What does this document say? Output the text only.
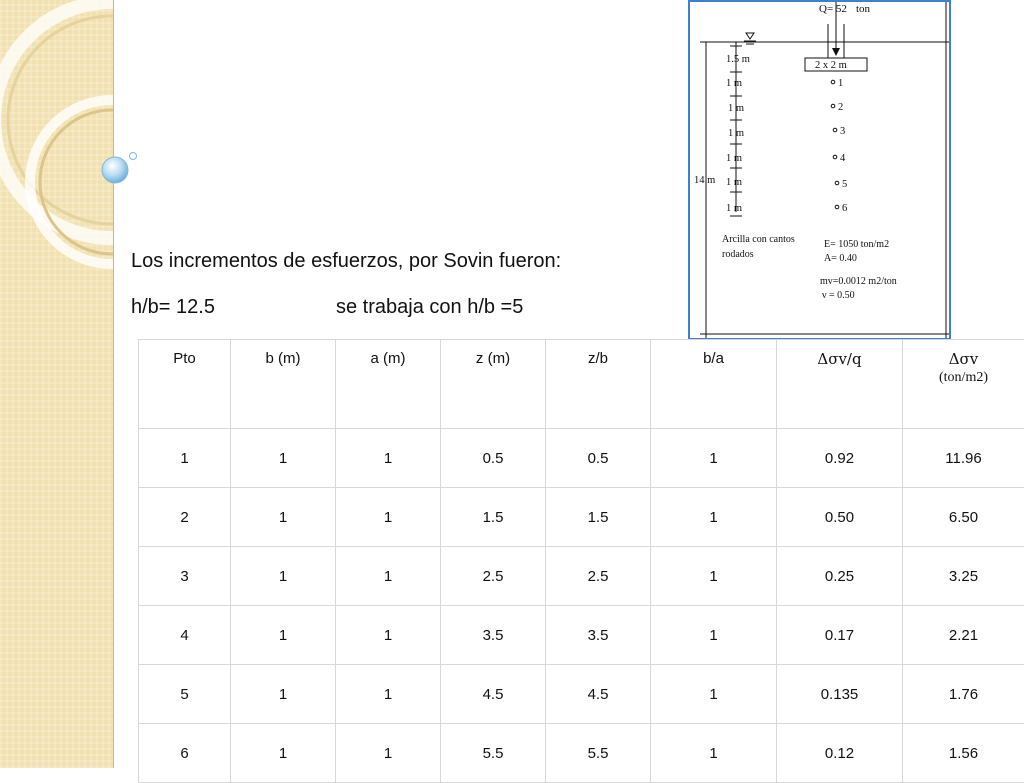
Los incrementos de esfuerzos, por Sovin fueron:
h/b= 12.5	se trabaja con h/b =5
Q= 52 ton
2 x 2 m
1.5 m
1 m
1 m
1 m
1 m
1 m
1 m
14 m
1
2
3
4
5
6
Arcilla con cantos
rodados
E= 1050 ton/m2
A= 0.40
mv=0.0012 m2/ton
ν = 0.50
Pto	b (m)	a (m)	z (m)	z/b	b/a	Δσv/q	Δσv
(ton/m2)

1	1	1	0.5	0.5	1	0.92	11.96
2	1	1	1.5	1.5	1	0.50	6.50
3	1	1	2.5	2.5	1	0.25	3.25
4	1	1	3.5	3.5	1	0.17	2.21
5	1	1	4.5	4.5	1	0.135	1.76
6	1	1	5.5	5.5	1	0.12	1.56
